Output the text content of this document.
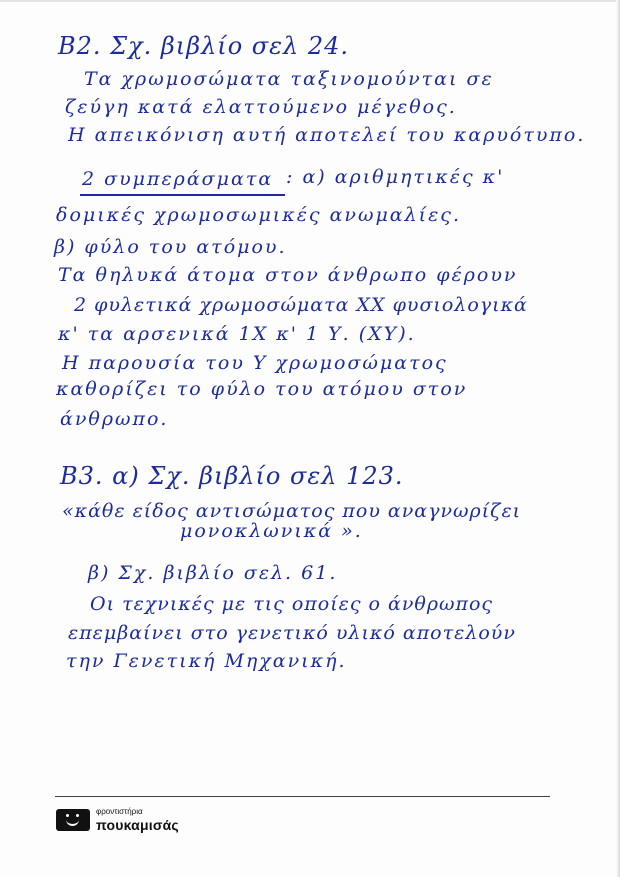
Β2. Σχ. βιβλίο σελ 24.
Τα χρωμοσώματα ταξινομούνται σε
ζεύγη κατά ελαττούμενο μέγεθος.
Η απεικόνιση αυτή αποτελεί του καρυότυπο.
2 συμπεράσματα : α) αριθμητικές κ'
δομικές χρωμοσωμικές ανωμαλίες.
β) φύλο του ατόμου.
Τα θηλυκά άτομα στον άνθρωπο φέρουν
2 φυλετικά χρωμοσώματα ΧΧ φυσιολογικά
κ' τα αρσενικά 1Χ κ' 1 Υ. (ΧΥ).
Η παρουσία του Υ χρωμοσώματος
καθορίζει το φύλο του ατόμου στον
άνθρωπο.
Β3. α) Σχ. βιβλίο σελ 123.
«κάθε είδος αντισώματος που αναγνωρίζει
μονοκλωνικά ».
β) Σχ. βιβλίο σελ. 61.
Οι τεχνικές με τις οποίες ο άνθρωπος
επεμβαίνει στο γενετικό υλικό αποτελούν
την Γενετική Μηχανική.
φροντιστήρια
πουκαμισάς
